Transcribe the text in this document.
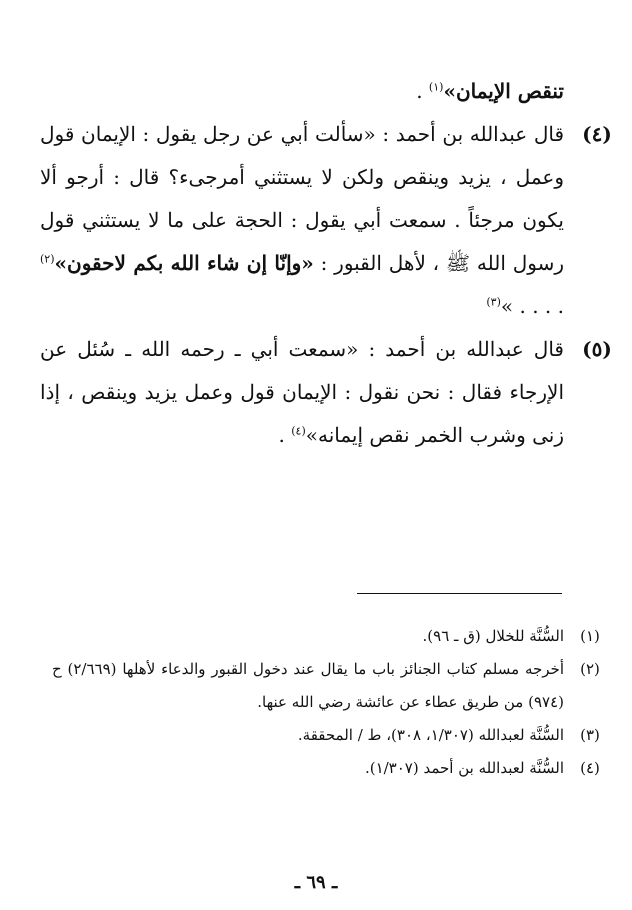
تنقص الإيمان»$^{(١)}$ .

(٤)
قال عبدالله بن أحمد : «سألت أبي عن رجل يقول : الإيمان قول وعمل ، يزيد وينقص ولكن لا يستثني أمرجىء؟ قال : أرجو ألا يكون مرجئاً . سمعت أبي يقول : الحجة على ما لا يستثني قول رسول الله ﷺ ، لأهل القبور : «وإنّا إن شاء الله بكم لاحقون»$^{(٢)}$ . . . . »$^{(٣)}$

(٥)
قال عبدالله بن أحمد : «سمعت أبي ـ رحمه الله ـ سُئل عن الإرجاء فقال : نحن نقول : الإيمان قول وعمل يزيد وينقص ، إذا زنى وشرب الخمر نقص إيمانه»$^{(٤)}$ .

(١)
السُّنَّة للخلال (ق ـ ٩٦).

(٢)
أخرجه مسلم كتاب الجنائز باب ما يقال عند دخول القبور والدعاء لأهلها (٢/٦٦٩) ح (٩٧٤) من طريق عطاء عن عائشة رضي الله عنها.

(٣)
السُّنَّة لعبدالله (١/٣٠٧، ٣٠٨)، ط / المحققة.

(٤)
السُّنَّة لعبدالله بن أحمد (١/٣٠٧).

ـ ٦٩ ـ
